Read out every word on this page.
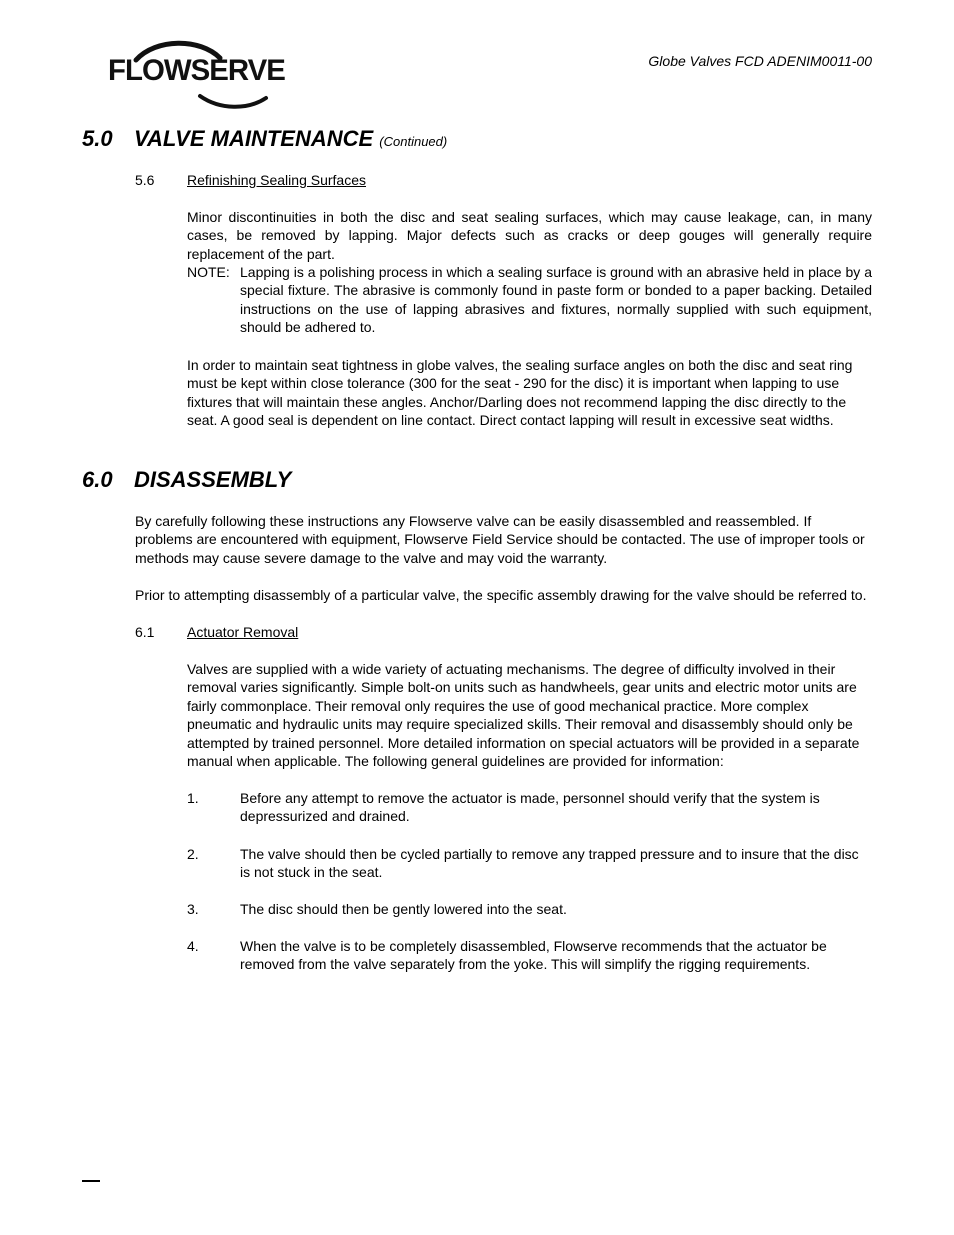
FLOWSERVE	Globe Valves FCD ADENIM0011-00
5.0 VALVE MAINTENANCE (Continued)
5.6 Refinishing Sealing Surfaces
Minor discontinuities in both the disc and seat sealing surfaces, which may cause leakage, can, in many cases, be removed by lapping. Major defects such as cracks or deep gouges will generally require replacement of the part.
NOTE: Lapping is a polishing process in which a sealing surface is ground with an abrasive held in place by a special fixture. The abrasive is commonly found in paste form or bonded to a paper backing. Detailed instructions on the use of lapping abrasives and fixtures, normally supplied with such equipment, should be adhered to.
In order to maintain seat tightness in globe valves, the sealing surface angles on both the disc and seat ring must be kept within close tolerance (300 for the seat - 290 for the disc) it is important when lapping to use fixtures that will maintain these angles. Anchor/Darling does not recommend lapping the disc directly to the seat. A good seal is dependent on line contact. Direct contact lapping will result in excessive seat widths.
6.0 DISASSEMBLY
By carefully following these instructions any Flowserve valve can be easily disassembled and reassembled. If problems are encountered with equipment, Flowserve Field Service should be contacted. The use of improper tools or methods may cause severe damage to the valve and may void the warranty.
Prior to attempting disassembly of a particular valve, the specific assembly drawing for the valve should be referred to.
6.1 Actuator Removal
Valves are supplied with a wide variety of actuating mechanisms. The degree of difficulty involved in their removal varies significantly. Simple bolt-on units such as handwheels, gear units and electric motor units are fairly commonplace. Their removal only requires the use of good mechanical practice. More complex pneumatic and hydraulic units may require specialized skills. Their removal and disassembly should only be attempted by trained personnel. More detailed information on special actuators will be provided in a separate manual when applicable. The following general guidelines are provided for information:
1.	Before any attempt to remove the actuator is made, personnel should verify that the system is depressurized and drained.
2.	The valve should then be cycled partially to remove any trapped pressure and to insure that the disc is not stuck in the seat.
3.	The disc should then be gently lowered into the seat.
4.	When the valve is to be completely disassembled, Flowserve recommends that the actuator be removed from the valve separately from the yoke. This will simplify the rigging requirements.
